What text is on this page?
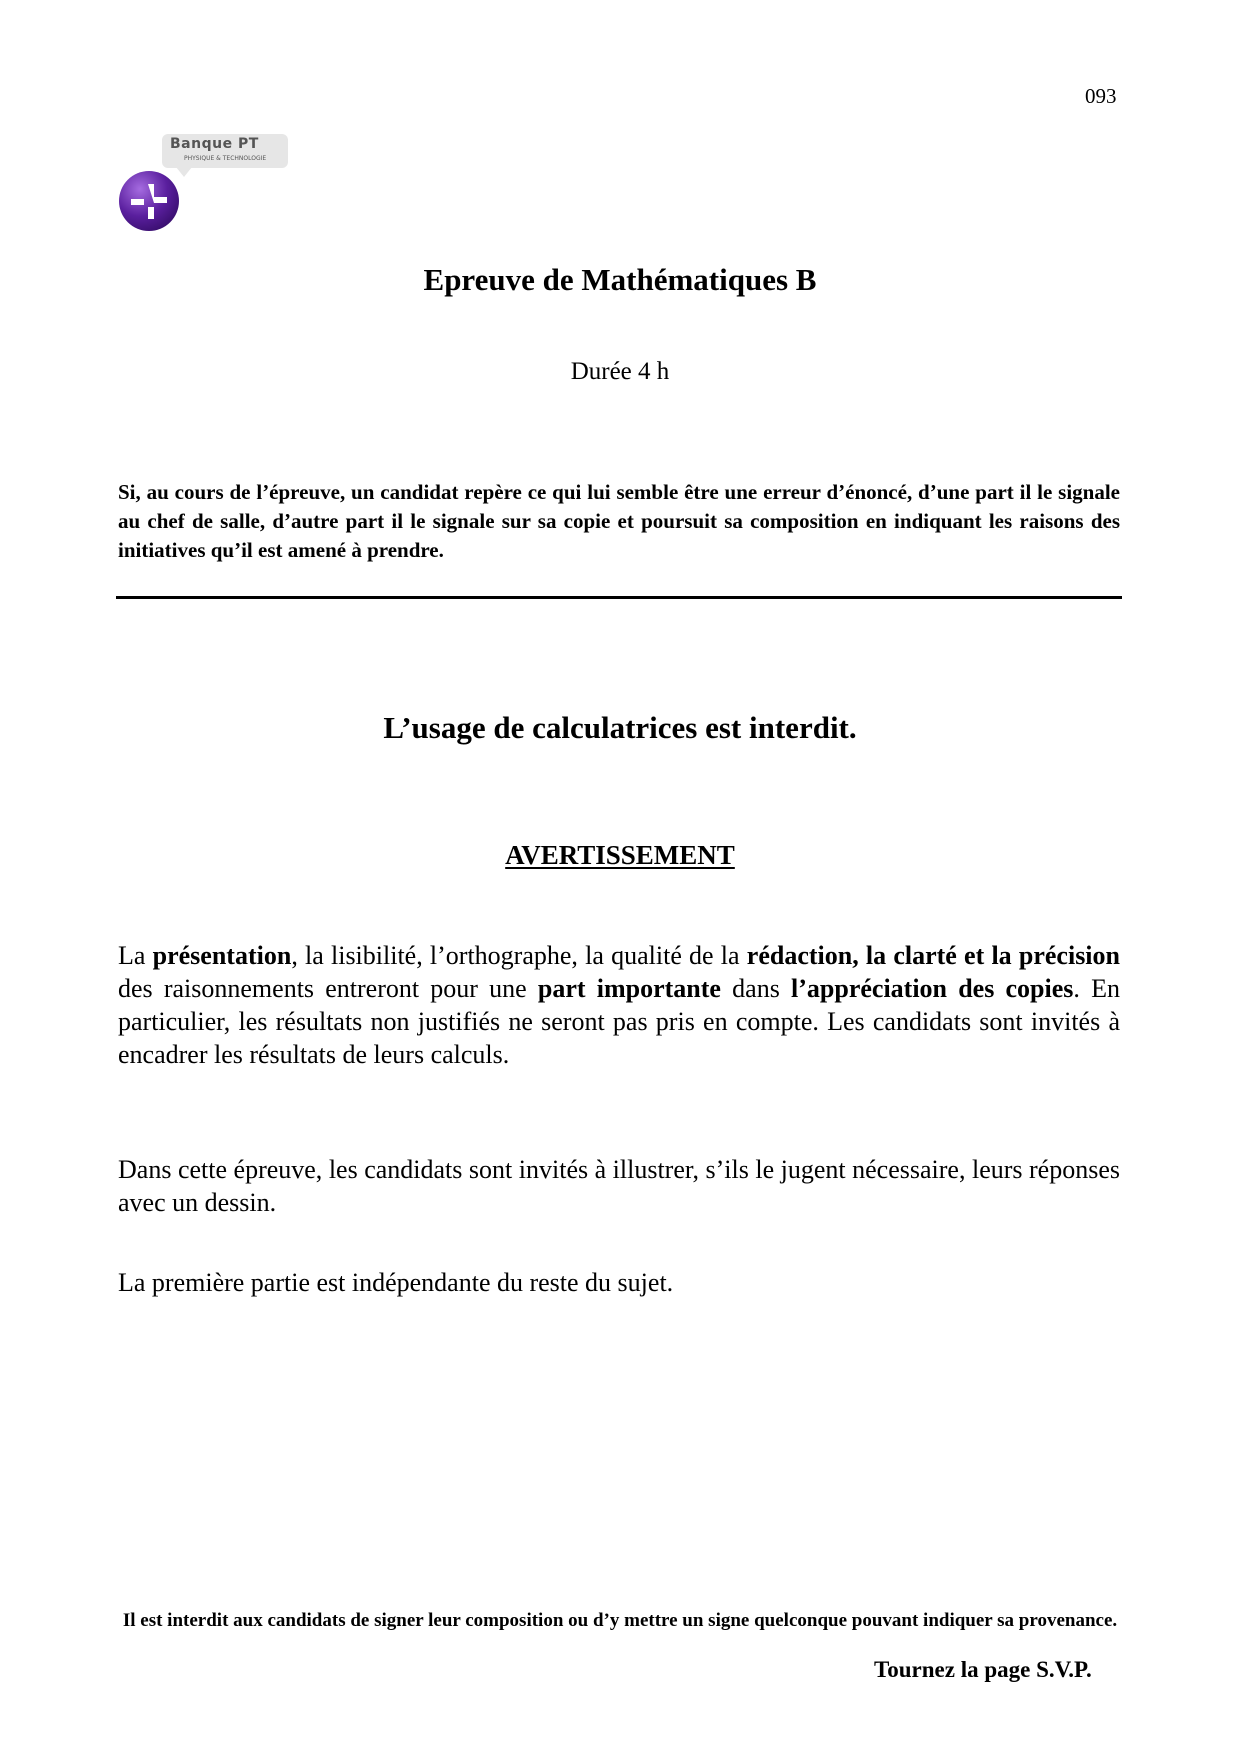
093
Banque PT
PHYSIQUE & TECHNOLOGIE
Epreuve de Mathématiques B
Durée 4 h
Si, au cours de l’épreuve, un candidat repère ce qui lui semble être une erreur d’énoncé, d’une part il le signale au chef de salle, d’autre part il le signale sur sa copie et poursuit sa composition en indiquant les raisons des initiatives qu’il est amené à prendre.
L’usage de calculatrices est interdit.
AVERTISSEMENT
La présentation, la lisibilité, l’orthographe, la qualité de la rédaction, la clarté et la précision des raisonnements entreront pour une part importante dans l’appréciation des copies. En particulier, les résultats non justifiés ne seront pas pris en compte. Les candidats sont invités à encadrer les résultats de leurs calculs.
Dans cette épreuve, les candidats sont invités à illustrer, s’ils le jugent nécessaire, leurs réponses avec un dessin.
La première partie est indépendante du reste du sujet.
Il est interdit aux candidats de signer leur composition ou d’y mettre un signe quelconque pouvant indiquer sa provenance.
Tournez la page S.V.P.
